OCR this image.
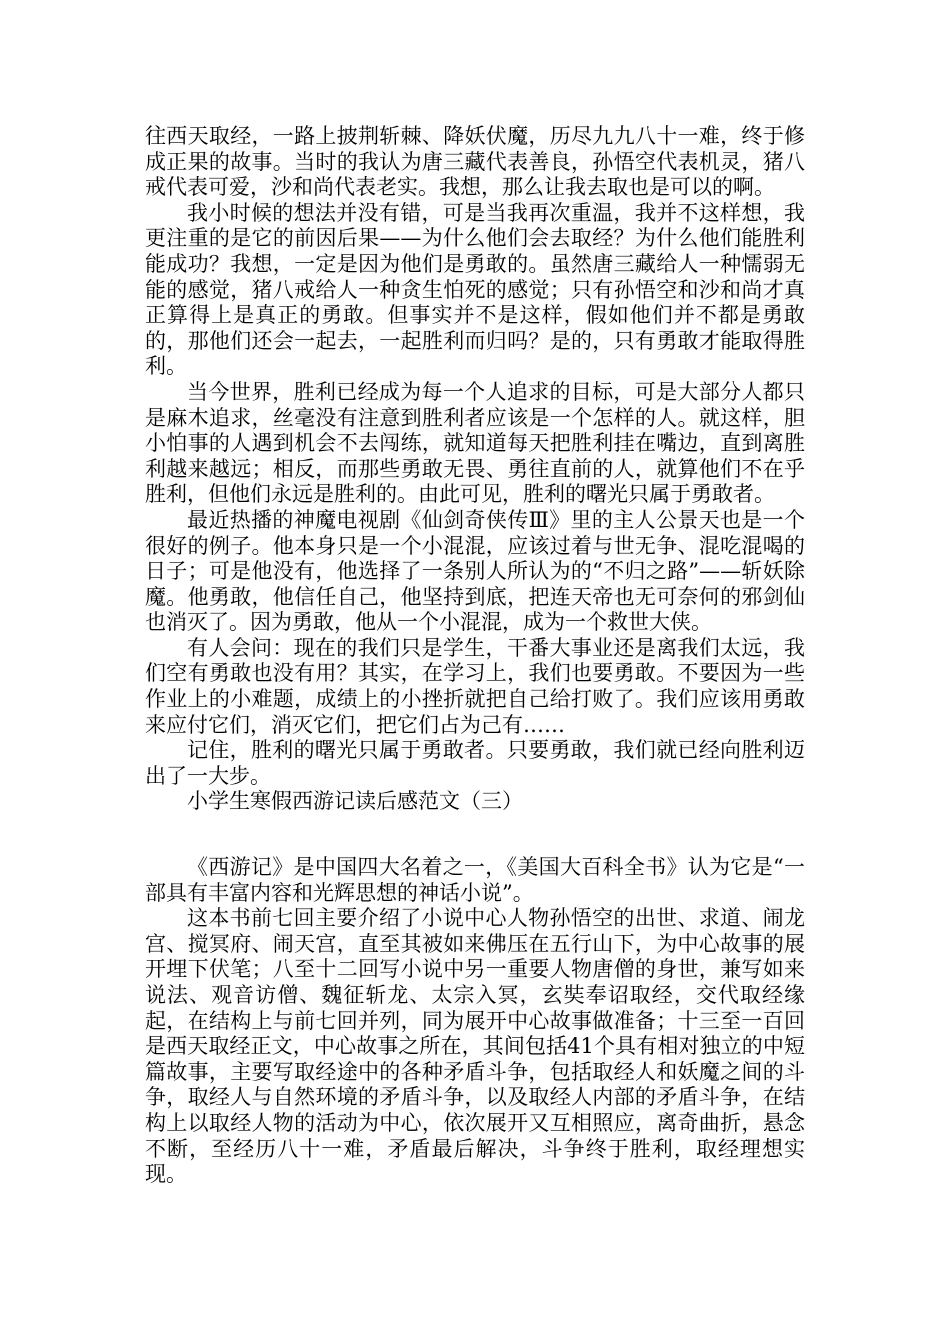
往西天取经，一路上披荆斩棘、降妖伏魔，历尽九九八十一难，终于修成正果的故事。当时的我认为唐三藏代表善良，孙悟空代表机灵，猪八戒代表可爱，沙和尚代表老实。我想，那么让我去取也是可以的啊。

我小时候的想法并没有错，可是当我再次重温，我并不这样想，我更注重的是它的前因后果——为什么他们会去取经？为什么他们能胜利能成功？我想，一定是因为他们是勇敢的。虽然唐三藏给人一种懦弱无能的感觉，猪八戒给人一种贪生怕死的感觉；只有孙悟空和沙和尚才真正算得上是真正的勇敢。但事实并不是这样，假如他们并不都是勇敢的，那他们还会一起去，一起胜利而归吗？是的，只有勇敢才能取得胜利。

当今世界，胜利已经成为每一个人追求的目标，可是大部分人都只是麻木追求，丝毫没有注意到胜利者应该是一个怎样的人。就这样，胆小怕事的人遇到机会不去闯练，就知道每天把胜利挂在嘴边，直到离胜利越来越远；相反，而那些勇敢无畏、勇往直前的人，就算他们不在乎胜利，但他们永远是胜利的。由此可见，胜利的曙光只属于勇敢者。

最近热播的神魔电视剧《仙剑奇侠传Ⅲ》里的主人公景天也是一个很好的例子。他本身只是一个小混混，应该过着与世无争、混吃混喝的日子；可是他没有，他选择了一条别人所认为的“不归之路”——斩妖除魔。他勇敢，他信任自己，他坚持到底，把连天帝也无可奈何的邪剑仙也消灭了。因为勇敢，他从一个小混混，成为一个救世大侠。

有人会问：现在的我们只是学生，干番大事业还是离我们太远，我们空有勇敢也没有用？其实，在学习上，我们也要勇敢。不要因为一些作业上的小难题，成绩上的小挫折就把自己给打败了。我们应该用勇敢来应付它们，消灭它们，把它们占为己有……

记住，胜利的曙光只属于勇敢者。只要勇敢，我们就已经向胜利迈出了一大步。

小学生寒假西游记读后感范文（三）

《西游记》是中国四大名着之一，《美国大百科全书》认为它是“一部具有丰富内容和光辉思想的神话小说”。

这本书前七回主要介绍了小说中心人物孙悟空的出世、求道、闹龙宫、搅冥府、闹天宫，直至其被如来佛压在五行山下，为中心故事的展开埋下伏笔；八至十二回写小说中另一重要人物唐僧的身世，兼写如来说法、观音访僧、魏征斩龙、太宗入冥，玄奘奉诏取经，交代取经缘起，在结构上与前七回并列，同为展开中心故事做准备；十三至一百回是西天取经正文，中心故事之所在，其间包括41个具有相对独立的中短篇故事，主要写取经途中的各种矛盾斗争，包括取经人和妖魔之间的斗争，取经人与自然环境的矛盾斗争，以及取经人内部的矛盾斗争，在结构上以取经人物的活动为中心，依次展开又互相照应，离奇曲折，悬念不断，至经历八十一难，矛盾最后解决，斗争终于胜利，取经理想实现。
